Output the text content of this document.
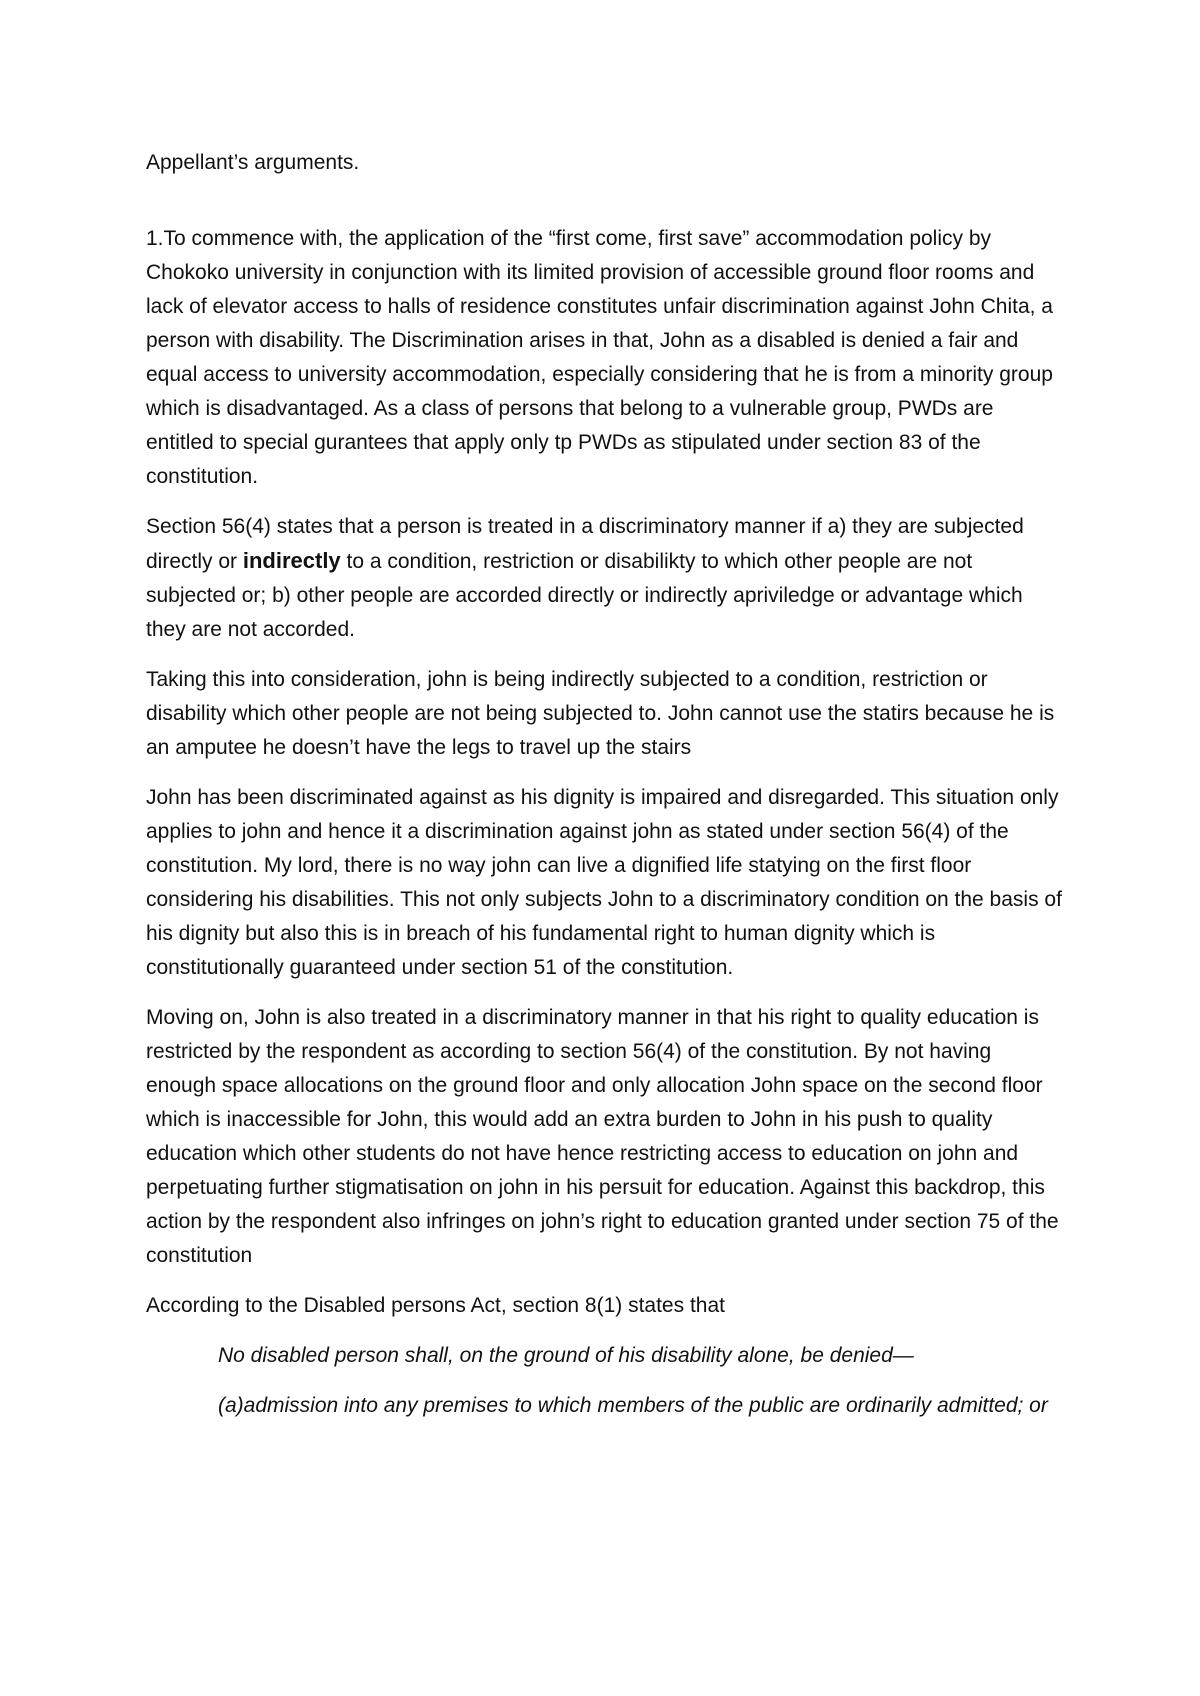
Appellant’s arguments.

1.To commence with, the application of the “first come, first save” accommodation policy by Chokoko university in conjunction with its limited provision of accessible ground floor rooms and lack of elevator access to halls of residence constitutes unfair discrimination against John Chita, a person with disability. The Discrimination arises in that, John as a disabled is denied a fair and equal access to university accommodation, especially considering that he is from a minority group which is disadvantaged. As a class of persons that belong to a vulnerable group, PWDs are entitled to special gurantees that apply only tp PWDs as stipulated under section 83 of the constitution.

Section 56(4) states that a person is treated in a discriminatory manner if a) they are subjected directly or indirectly to a condition, restriction or disabilikty to which other people are not subjected or; b) other people are accorded directly or indirectly apriviledge or advantage which they are not accorded.

Taking this into consideration, john is being indirectly subjected to a condition, restriction or disability which other people are not being subjected to. John cannot use the statirs because he is an amputee he doesn’t have the legs to travel up the stairs

John has been discriminated against as his dignity is impaired and disregarded. This situation only applies to john and hence it a discrimination against john as stated under section 56(4) of the constitution. My lord, there is no way john can live a dignified life statying on the first floor considering his disabilities. This not only subjects John to a discriminatory condition on the basis of his dignity but also this is in breach of his fundamental right to human dignity which is constitutionally guaranteed under section 51 of the constitution.

Moving on, John is also treated in a discriminatory manner in that his right to quality education is restricted by the respondent as according to section 56(4) of the constitution. By not having enough space allocations on the ground floor and only allocation John space on the second floor which is inaccessible for John, this would add an extra burden to John in his push to quality education which other students do not have hence restricting access to education on john and perpetuating further stigmatisation on john in his persuit for education. Against this backdrop, this action by the respondent also infringes on john’s right to education granted under section 75 of the constitution

According to the Disabled persons Act, section 8(1) states that

No disabled person shall, on the ground of his disability alone, be denied—

(a)admission into any premises to which members of the public are ordinarily admitted; or
